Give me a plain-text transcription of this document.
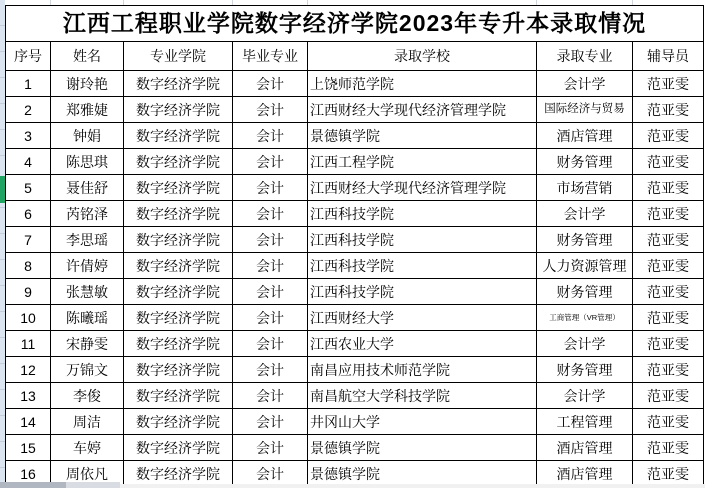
江西工程职业学院数字经济学院2023年专升本录取情况						
序号	姓名	专业学院	毕业专业	录取学校	录取专业	辅导员
1	谢玲艳	数字经济学院	会计	上饶师范学院	会计学	范亚雯
2	郑雅婕	数字经济学院	会计	江西财经大学现代经济管理学院	国际经济与贸易	范亚雯
3	钟娟	数字经济学院	会计	景德镇学院	酒店管理	范亚雯
4	陈思琪	数字经济学院	会计	江西工程学院	财务管理	范亚雯
5	聂佳舒	数字经济学院	会计	江西财经大学现代经济管理学院	市场营销	范亚雯
6	芮铭泽	数字经济学院	会计	江西科技学院	会计学	范亚雯
7	李思瑶	数字经济学院	会计	江西科技学院	财务管理	范亚雯
8	许倩婷	数字经济学院	会计	江西科技学院	人力资源管理	范亚雯
9	张慧敏	数字经济学院	会计	江西科技学院	财务管理	范亚雯
10	陈曦瑶	数字经济学院	会计	江西财经大学	工商管理（VR管理）	范亚雯
11	宋静雯	数字经济学院	会计	江西农业大学	会计学	范亚雯
12	万锦文	数字经济学院	会计	南昌应用技术师范学院	财务管理	范亚雯
13	李俊	数字经济学院	会计	南昌航空大学科技学院	会计学	范亚雯
14	周洁	数字经济学院	会计	井冈山大学	工程管理	范亚雯
15	车婷	数字经济学院	会计	景德镇学院	酒店管理	范亚雯
16	周依凡	数字经济学院	会计	景德镇学院	酒店管理	范亚雯
